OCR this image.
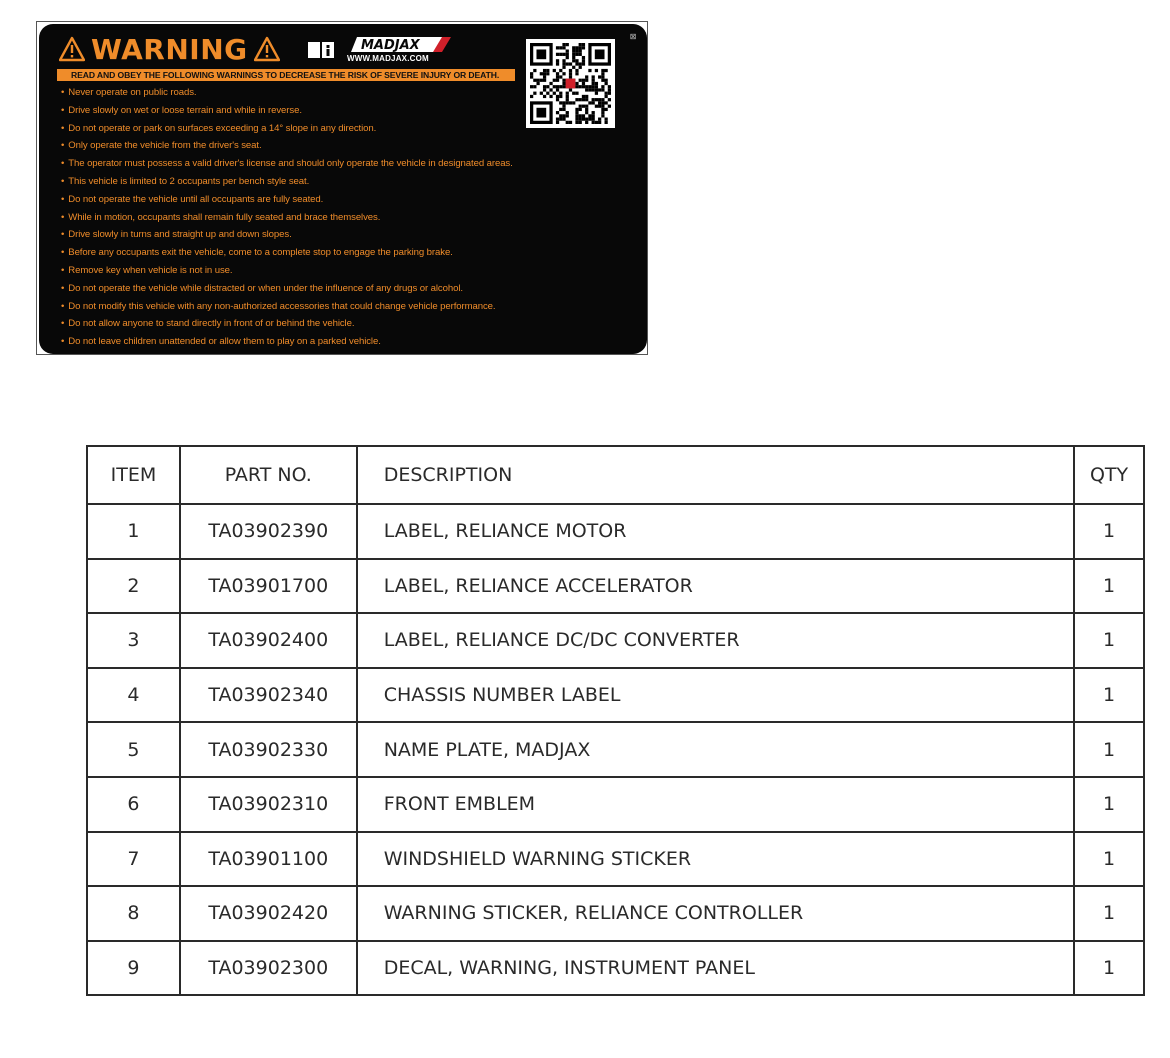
WARNING	MADJAX
WWW.MADJAX.COM
READ AND OBEY THE FOLLOWING WARNINGS TO DECREASE THE RISK OF SEVERE INJURY OR DEATH.
• Never operate on public roads.
• Drive slowly on wet or loose terrain and while in reverse.
• Do not operate or park on surfaces exceeding a 14° slope in any direction.
• Only operate the vehicle from the driver's seat.
• The operator must possess a valid driver's license and should only operate the vehicle in designated areas.
• This vehicle is limited to 2 occupants per bench style seat.
• Do not operate the vehicle until all occupants are fully seated.
• While in motion, occupants shall remain fully seated and brace themselves.
• Drive slowly in turns and straight up and down slopes.
• Before any occupants exit the vehicle, come to a complete stop to engage the parking brake.
• Remove key when vehicle is not in use.
• Do not operate the vehicle while distracted or when under the influence of any drugs or alcohol.
• Do not modify this vehicle with any non-authorized accessories that could change vehicle performance.
• Do not allow anyone to stand directly in front of or behind the vehicle.
• Do not leave children unattended or allow them to play on a parked vehicle.
⊠
ITEM	PART NO.	DESCRIPTION	QTY
1	TA03902390	LABEL, RELIANCE MOTOR	1
2	TA03901700	LABEL, RELIANCE ACCELERATOR	1
3	TA03902400	LABEL, RELIANCE DC/DC CONVERTER	1
4	TA03902340	CHASSIS NUMBER LABEL	1
5	TA03902330	NAME PLATE, MADJAX	1
6	TA03902310	FRONT EMBLEM	1
7	TA03901100	WINDSHIELD WARNING STICKER	1
8	TA03902420	WARNING STICKER, RELIANCE CONTROLLER	1
9	TA03902300	DECAL, WARNING, INSTRUMENT PANEL	1
